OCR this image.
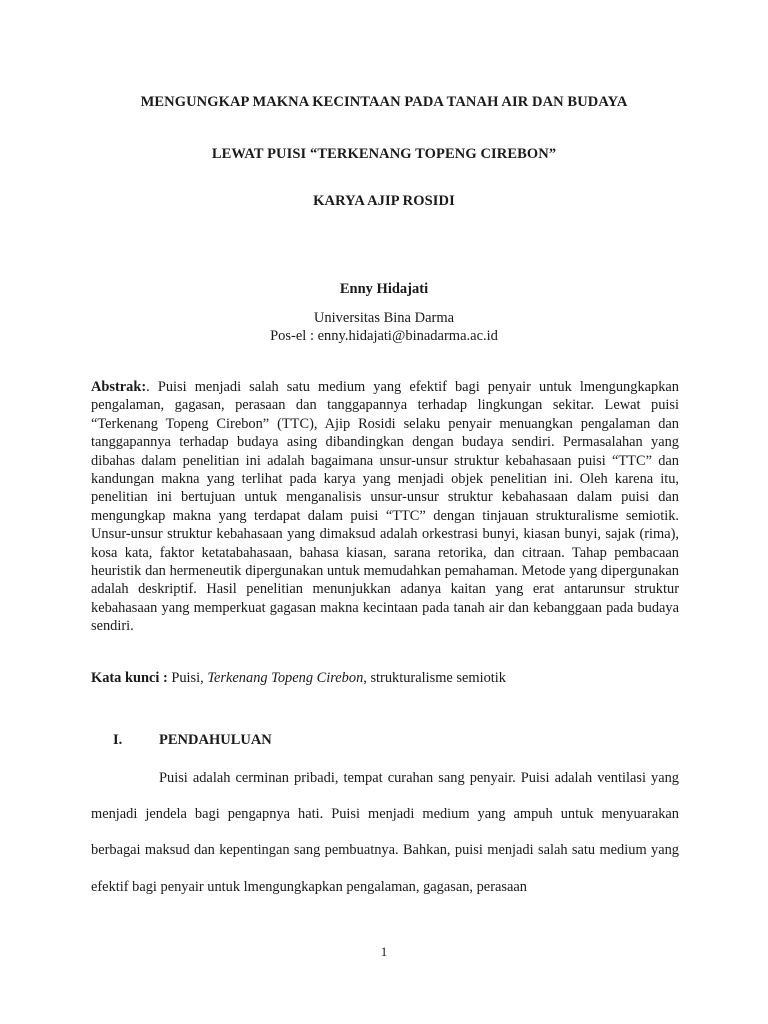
MENGUNGKAP MAKNA KECINTAAN PADA TANAH AIR DAN BUDAYA
LEWAT PUISI “TERKENANG TOPENG CIREBON”
KARYA AJIP ROSIDI
Enny Hidajati
Universitas Bina Darma
Pos-el : enny.hidajati@binadarma.ac.id
Abstrak:. Puisi menjadi salah satu medium yang efektif bagi penyair untuk lmengungkapkan pengalaman, gagasan, perasaan dan tanggapannya terhadap lingkungan sekitar. Lewat puisi “Terkenang Topeng Cirebon” (TTC), Ajip Rosidi selaku penyair menuangkan pengalaman dan tanggapannya terhadap budaya asing dibandingkan dengan budaya sendiri. Permasalahan yang dibahas dalam penelitian ini adalah bagaimana unsur-unsur struktur kebahasaan puisi “TTC” dan kandungan makna yang terlihat pada karya yang menjadi objek penelitian ini. Oleh karena itu, penelitian ini bertujuan untuk menganalisis unsur-unsur struktur kebahasaan dalam puisi dan mengungkap makna yang terdapat dalam puisi “TTC” dengan tinjauan strukturalisme semiotik. Unsur-unsur struktur kebahasaan yang dimaksud adalah orkestrasi bunyi, kiasan bunyi, sajak (rima), kosa kata, faktor ketatabahasaan, bahasa kiasan, sarana retorika, dan citraan. Tahap pembacaan heuristik dan hermeneutik dipergunakan untuk memudahkan pemahaman. Metode yang dipergunakan adalah deskriptif. Hasil penelitian menunjukkan adanya kaitan yang erat antarunsur struktur kebahasaan yang memperkuat gagasan makna kecintaan pada tanah air dan kebanggaan pada budaya sendiri.
Kata kunci : Puisi, Terkenang Topeng Cirebon, strukturalisme semiotik
I.	PENDAHULUAN
Puisi adalah cerminan pribadi, tempat curahan sang penyair. Puisi adalah ventilasi yang menjadi jendela bagi pengapnya hati. Puisi menjadi medium yang ampuh untuk menyuarakan berbagai maksud dan kepentingan sang pembuatnya. Bahkan, puisi menjadi salah satu medium yang efektif bagi penyair untuk lmengungkapkan pengalaman, gagasan, perasaan
1
